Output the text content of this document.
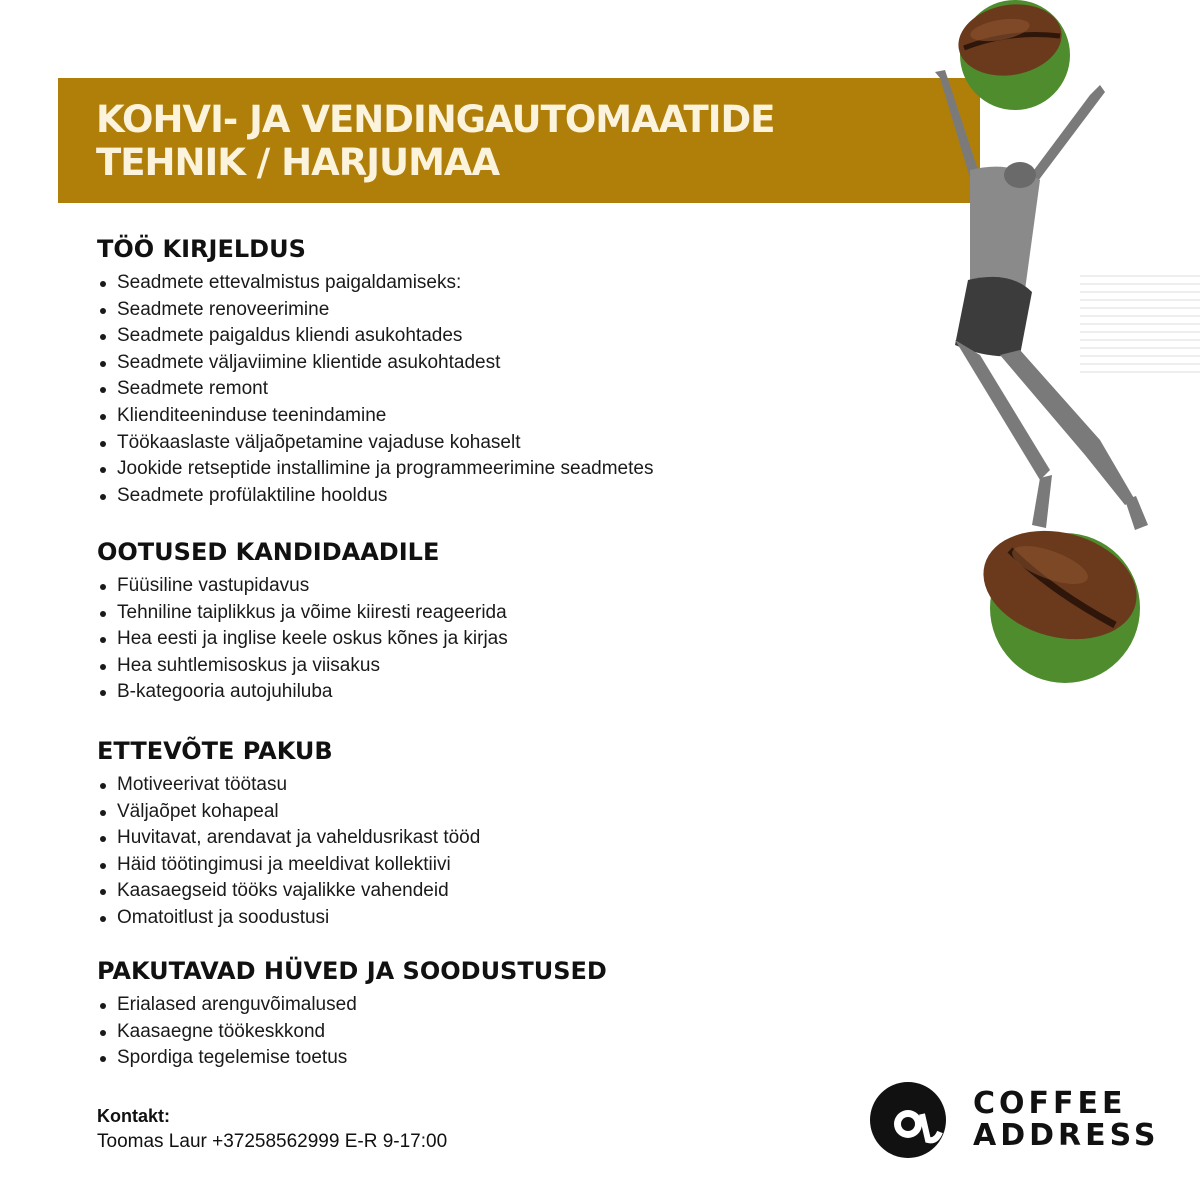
KOHVI- JA VENDINGAUTOMAATIDE
TEHNIK / HARJUMAA
TÖÖ KIRJELDUS
Seadmete ettevalmistus paigaldamiseks:
Seadmete renoveerimine
Seadmete paigaldus kliendi asukohtades
Seadmete väljaviimine klientide asukohtadest
Seadmete remont
Klienditeeninduse teenindamine
Töökaaslaste väljaõpetamine vajaduse kohaselt
Jookide retseptide installimine ja programmeerimine seadmetes
Seadmete profülaktiline hooldus
OOTUSED KANDIDAADILE
Füüsiline vastupidavus
Tehniline taiplikkus ja võime kiiresti reageerida
Hea eesti ja inglise keele oskus kõnes ja kirjas
Hea suhtlemisoskus ja viisakus
B-kategooria autojuhiluba
ETTEVÕTE PAKUB
Motiveerivat töötasu
Väljaõpet kohapeal
Huvitavat, arendavat ja vaheldusrikast tööd
Häid töötingimusi ja meeldivat kollektiivi
Kaasaegseid tööks vajalikke vahendeid
Omatoitlust ja soodustusi
PAKUTAVAD HÜVED JA SOODUSTUSED
Erialased arenguvõimalused
Kaasaegne töökeskkond
Spordiga tegelemise toetus
Kontakt:
Toomas Laur +37258562999 E-R 9-17:00
COFFEE
ADDRESS
